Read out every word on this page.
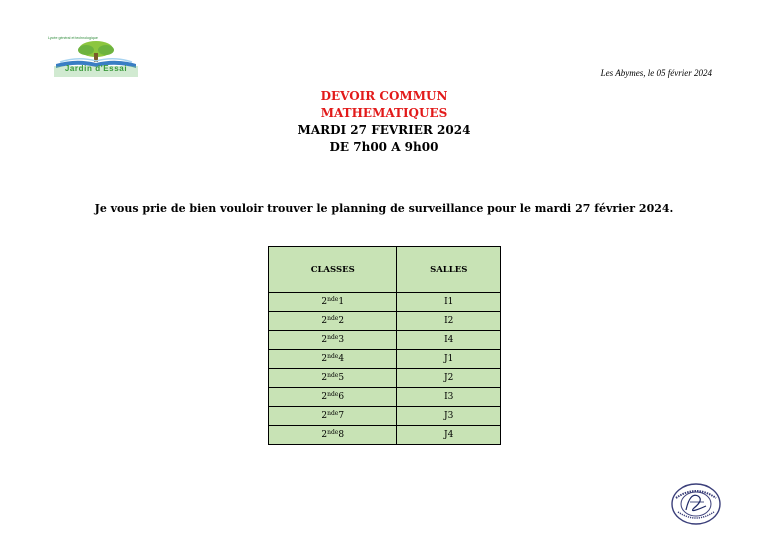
Lycée général et technologique
Jardin d'Essai	Les Abymes, le 05 février 2024
DEVOIR COMMUN
MATHEMATIQUES
MARDI 27 FEVRIER 2024
DE 7h00 A 9h00
Je vous prie de bien vouloir trouver le planning de surveillance pour le mardi 27 février 2024.
CLASSES	SALLES
2nde1	I1
2nde2	I2
2nde3	I4
2nde4	J1
2nde5	J2
2nde6	I3
2nde7	J3
2nde8	J4
